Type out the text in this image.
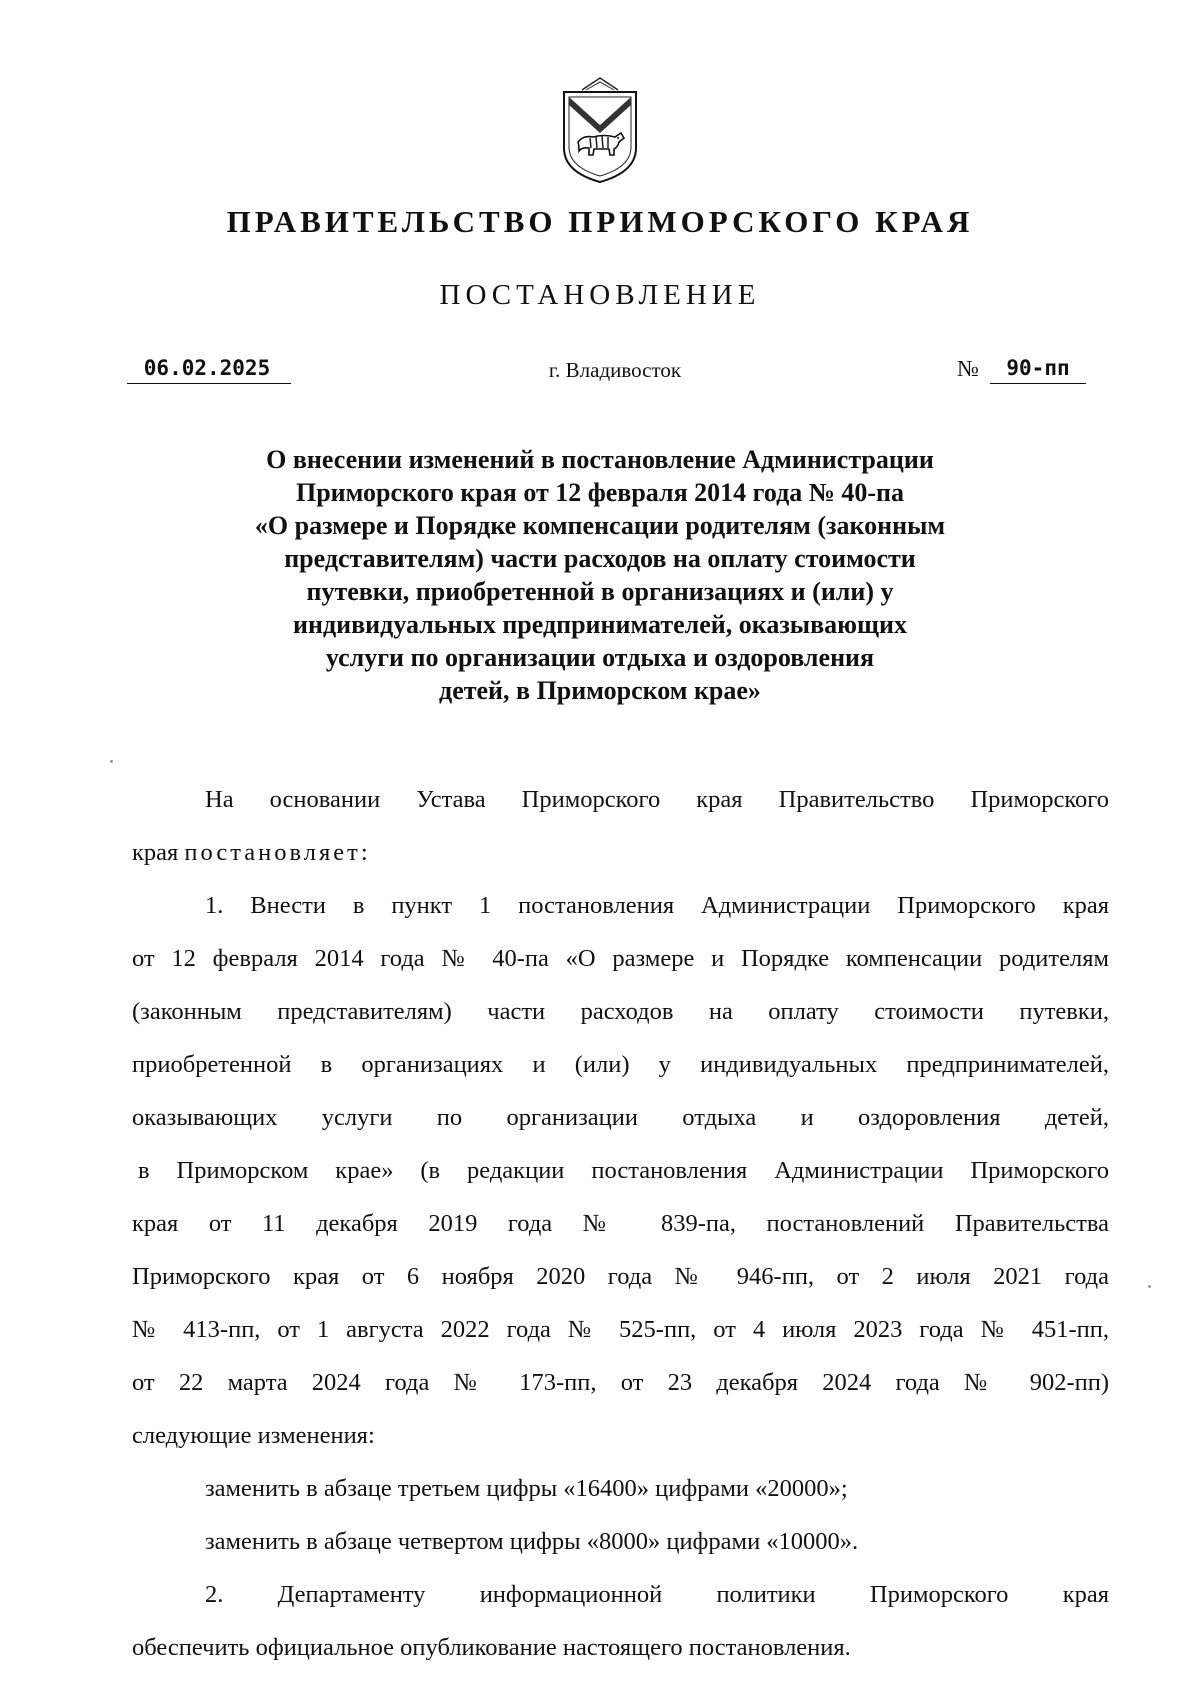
ПРАВИТЕЛЬСТВО ПРИМОРСКОГО КРАЯ
ПОСТАНОВЛЕНИЕ
06.02.2025	г. Владивосток	№	90-пп
О внесении изменений в постановление Администрации
Приморского края от 12 февраля 2014 года № 40-па
«О размере и Порядке компенсации родителям (законным
представителям) части расходов на оплату стоимости
путевки, приобретенной в организациях и (или) у
индивидуальных предпринимателей, оказывающих
услуги по организации отдыха и оздоровления
детей, в Приморском крае»
На основании Устава Приморского края Правительство Приморского
края постановляет:
1. Внести в пункт 1 постановления Администрации Приморского края
от 12 февраля 2014 года № 40-па «О размере и Порядке компенсации родителям
(законным представителям) части расходов на оплату стоимости путевки,
приобретенной в организациях и (или) у индивидуальных предпринимателей,
оказывающих услуги по организации отдыха и оздоровления детей,
в Приморском крае» (в редакции постановления Администрации Приморского
края от 11 декабря 2019 года № 839-па, постановлений Правительства
Приморского края от 6 ноября 2020 года № 946-пп, от 2 июля 2021 года
№ 413-пп, от 1 августа 2022 года № 525-пп, от 4 июля 2023 года № 451-пп,
от 22 марта 2024 года № 173-пп, от 23 декабря 2024 года № 902-пп)
следующие изменения:
заменить в абзаце третьем цифры «16400» цифрами «20000»;
заменить в абзаце четвертом цифры «8000» цифрами «10000».
2. Департаменту информационной политики Приморского края
обеспечить официальное опубликование настоящего постановления.
